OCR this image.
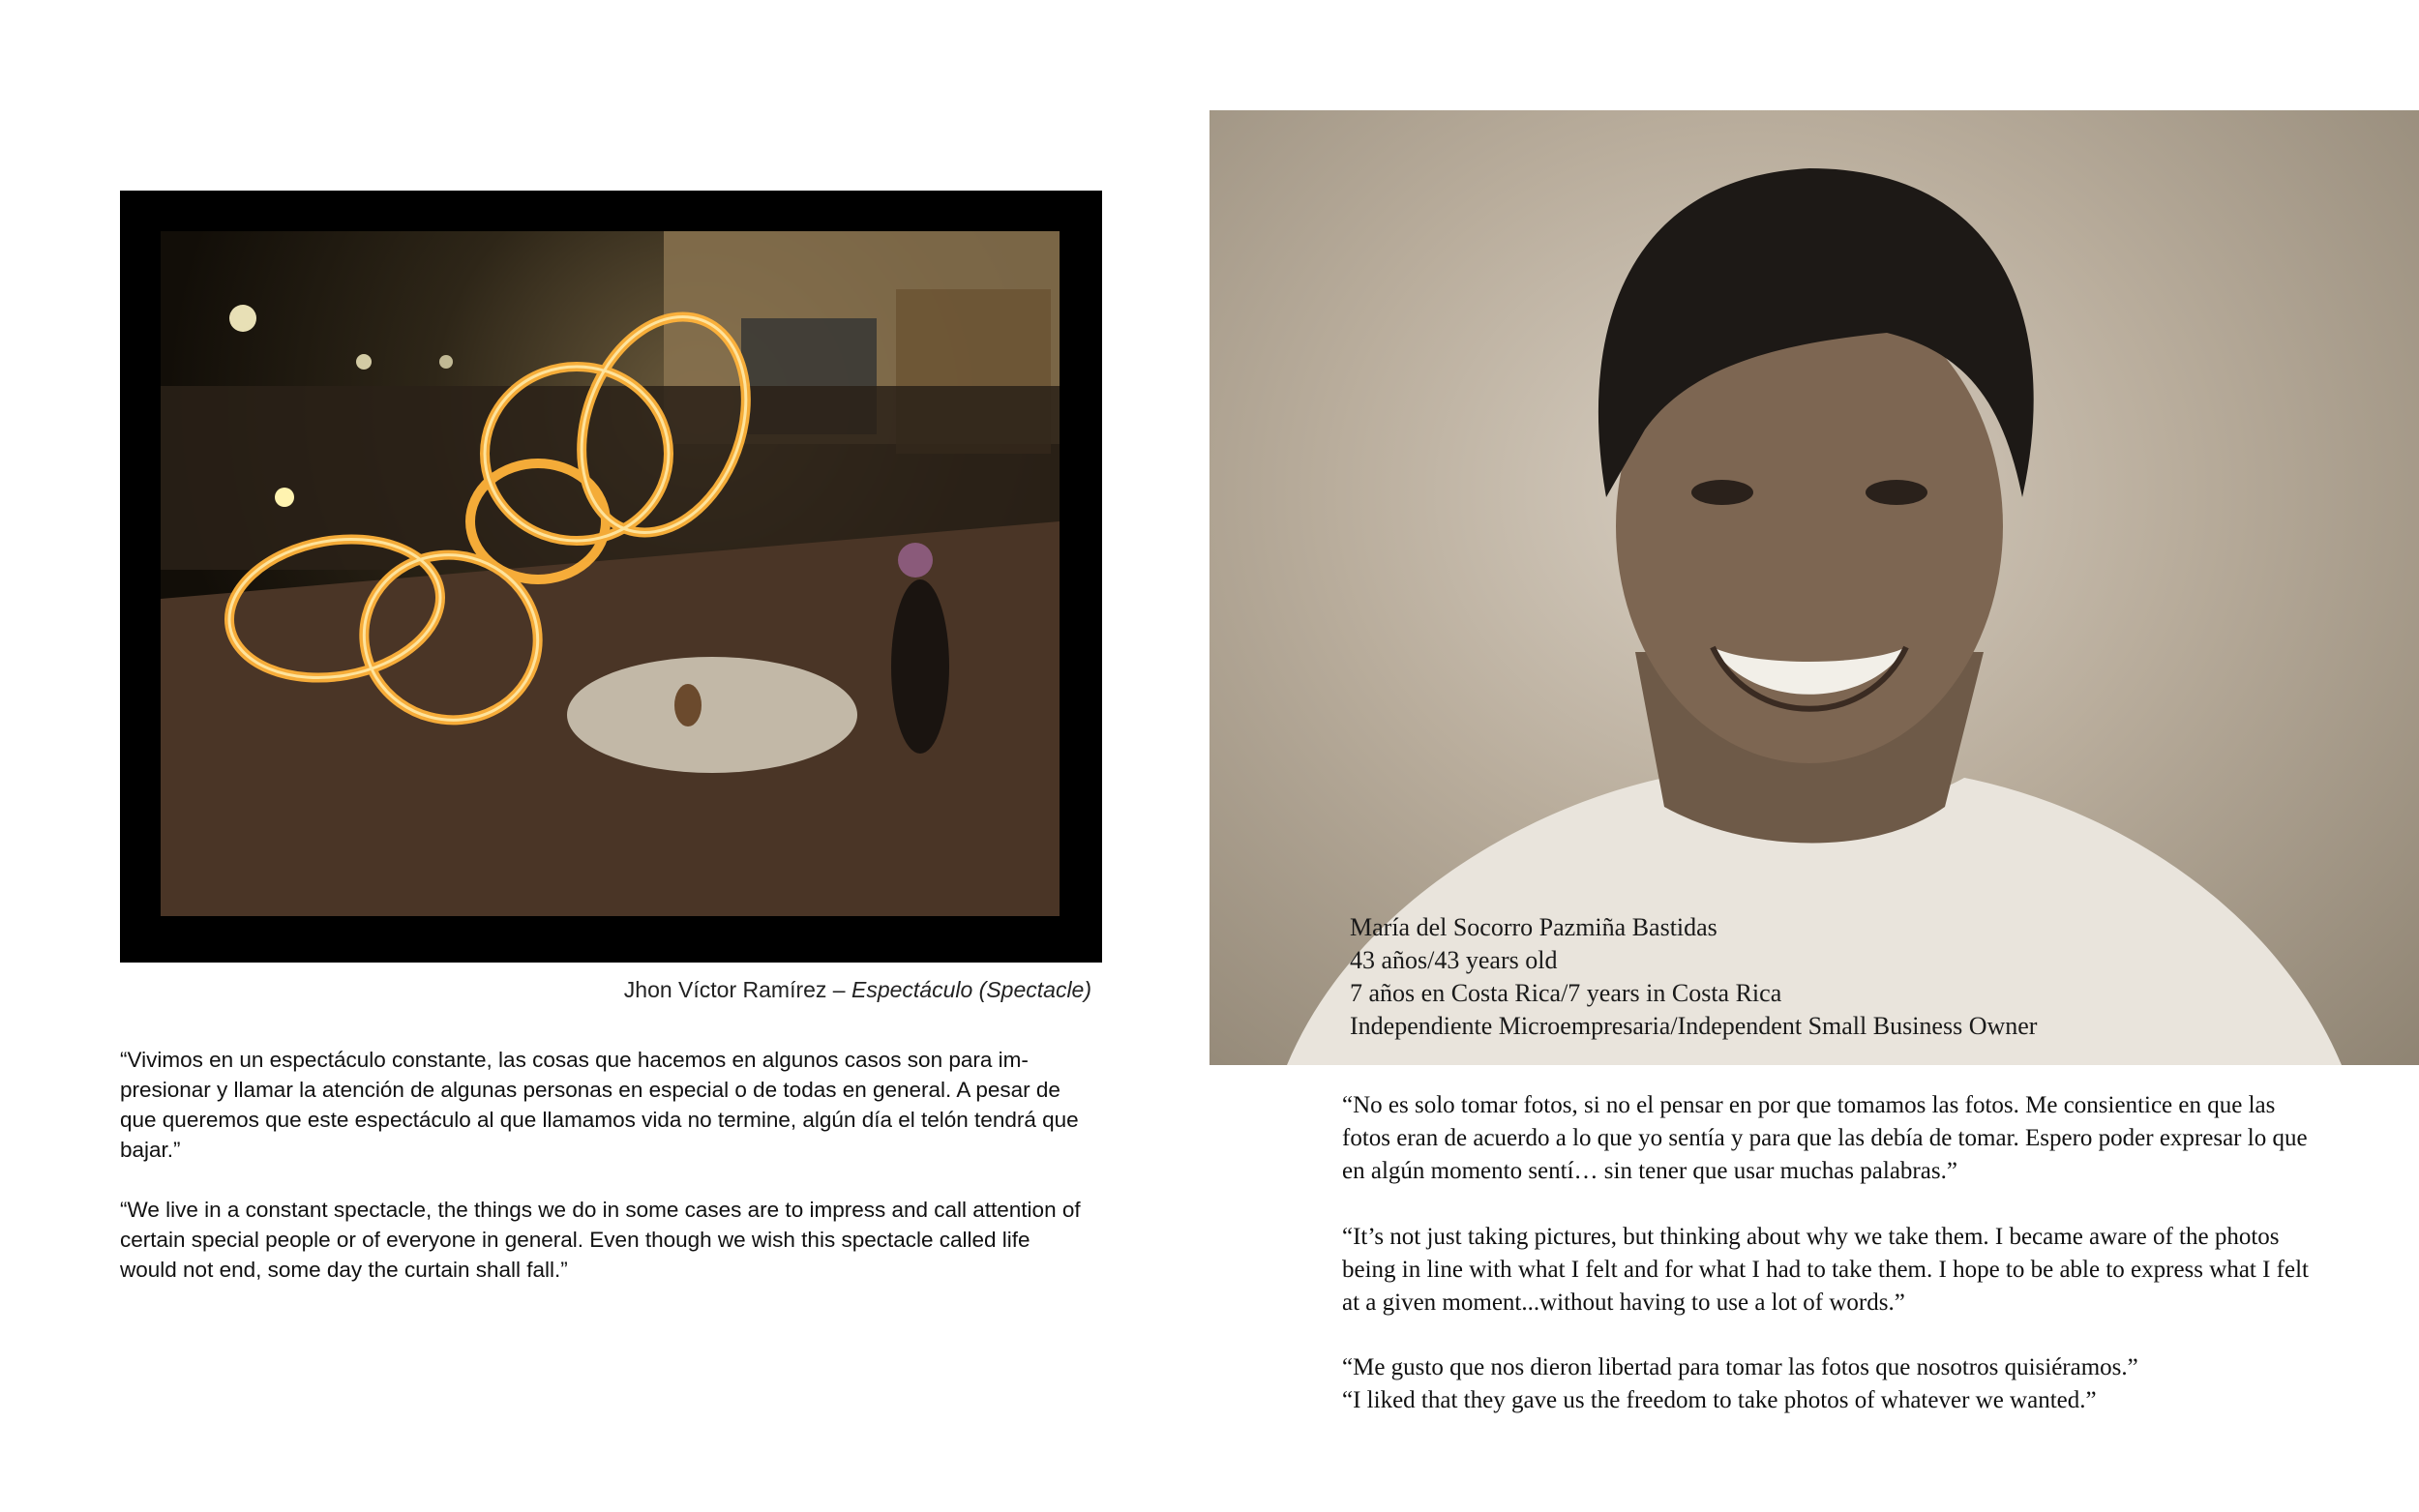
Jhon Víctor Ramírez – Espectáculo (Spectacle)

“Vivimos en un espectáculo constante, las cosas que hacemos en algunos casos son para impresionar y llamar la atención de algunas personas en especial o de todas en general. A pesar de que queremos que este espectáculo al que llamamos vida no termine, algún día el telón tendrá que bajar.”

“We live in a constant spectacle, the things we do in some cases are to impress and call attention of certain special people or of everyone in general. Even though we wish this spectacle called life would not end, some day the curtain shall fall.”

María del Socorro Pazmiña Bastidas
43 años/43 years old
7 años en Costa Rica/7 years in Costa Rica
Independiente Microempresaria/Independent Small Business Owner

“No es solo tomar fotos, si no el pensar en por que tomamos las fotos. Me consientice en que las fotos eran de acuerdo a lo que yo sentía y para que las debía de tomar. Espero poder expresar lo que en algún momento sentí… sin tener que usar muchas palabras.”

“It’s not just taking pictures, but thinking about why we take them. I became aware of the photos being in line with what I felt and for what I had to take them. I hope to be able to express what I felt at a given moment...without having to use a lot of words.”

“Me gusto que nos dieron libertad para tomar las fotos que nosotros quisiéramos.”
“I liked that they gave us the freedom to take photos of whatever we wanted.”
